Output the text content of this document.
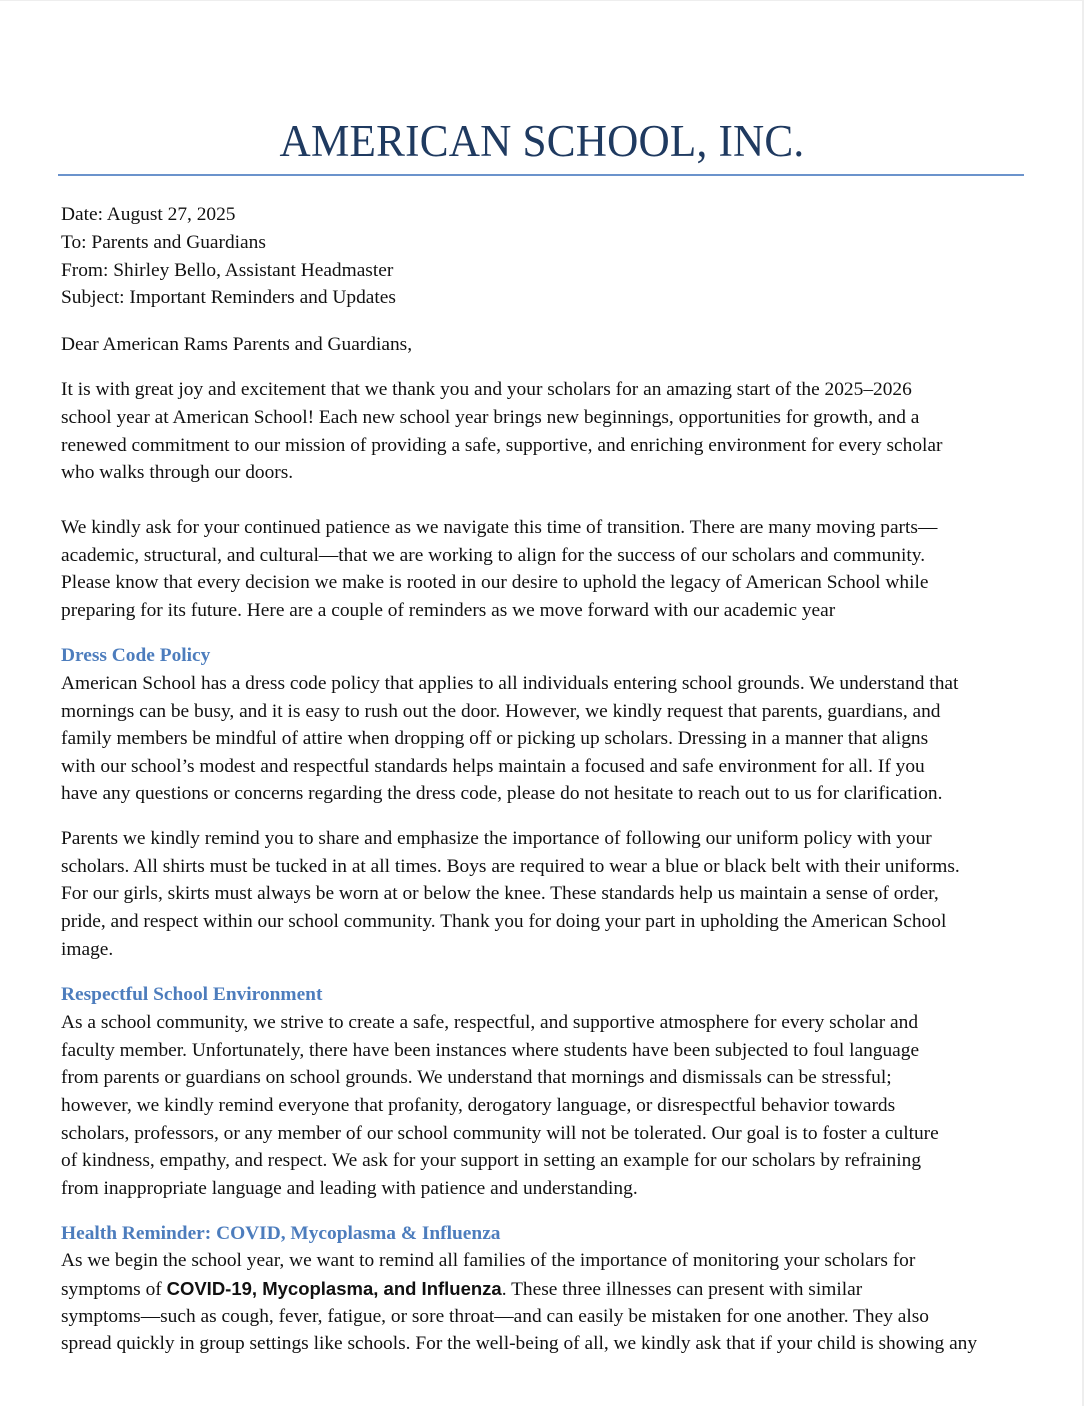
AMERICAN SCHOOL, INC.
Date: August 27, 2025
To: Parents and Guardians
From: Shirley Bello, Assistant Headmaster
Subject: Important Reminders and Updates
Dear American Rams Parents and Guardians,
It is with great joy and excitement that we thank you and your scholars for an amazing start of the 2025–2026
school year at American School! Each new school year brings new beginnings, opportunities for growth, and a
renewed commitment to our mission of providing a safe, supportive, and enriching environment for every scholar
who walks through our doors.
We kindly ask for your continued patience as we navigate this time of transition. There are many moving parts—
academic, structural, and cultural—that we are working to align for the success of our scholars and community.
Please know that every decision we make is rooted in our desire to uphold the legacy of American School while
preparing for its future. Here are a couple of reminders as we move forward with our academic year
Dress Code Policy
American School has a dress code policy that applies to all individuals entering school grounds. We understand that
mornings can be busy, and it is easy to rush out the door. However, we kindly request that parents, guardians, and
family members be mindful of attire when dropping off or picking up scholars. Dressing in a manner that aligns
with our school’s modest and respectful standards helps maintain a focused and safe environment for all. If you
have any questions or concerns regarding the dress code, please do not hesitate to reach out to us for clarification.
Parents we kindly remind you to share and emphasize the importance of following our uniform policy with your
scholars. All shirts must be tucked in at all times. Boys are required to wear a blue or black belt with their uniforms.
For our girls, skirts must always be worn at or below the knee. These standards help us maintain a sense of order,
pride, and respect within our school community. Thank you for doing your part in upholding the American School
image.
Respectful School Environment
As a school community, we strive to create a safe, respectful, and supportive atmosphere for every scholar and
faculty member. Unfortunately, there have been instances where students have been subjected to foul language
from parents or guardians on school grounds. We understand that mornings and dismissals can be stressful;
however, we kindly remind everyone that profanity, derogatory language, or disrespectful behavior towards
scholars, professors, or any member of our school community will not be tolerated. Our goal is to foster a culture
of kindness, empathy, and respect. We ask for your support in setting an example for our scholars by refraining
from inappropriate language and leading with patience and understanding.
Health Reminder: COVID, Mycoplasma & Influenza
As we begin the school year, we want to remind all families of the importance of monitoring your scholars for
symptoms of COVID-19, Mycoplasma, and Influenza. These three illnesses can present with similar
symptoms—such as cough, fever, fatigue, or sore throat—and can easily be mistaken for one another. They also
spread quickly in group settings like schools. For the well-being of all, we kindly ask that if your child is showing any
